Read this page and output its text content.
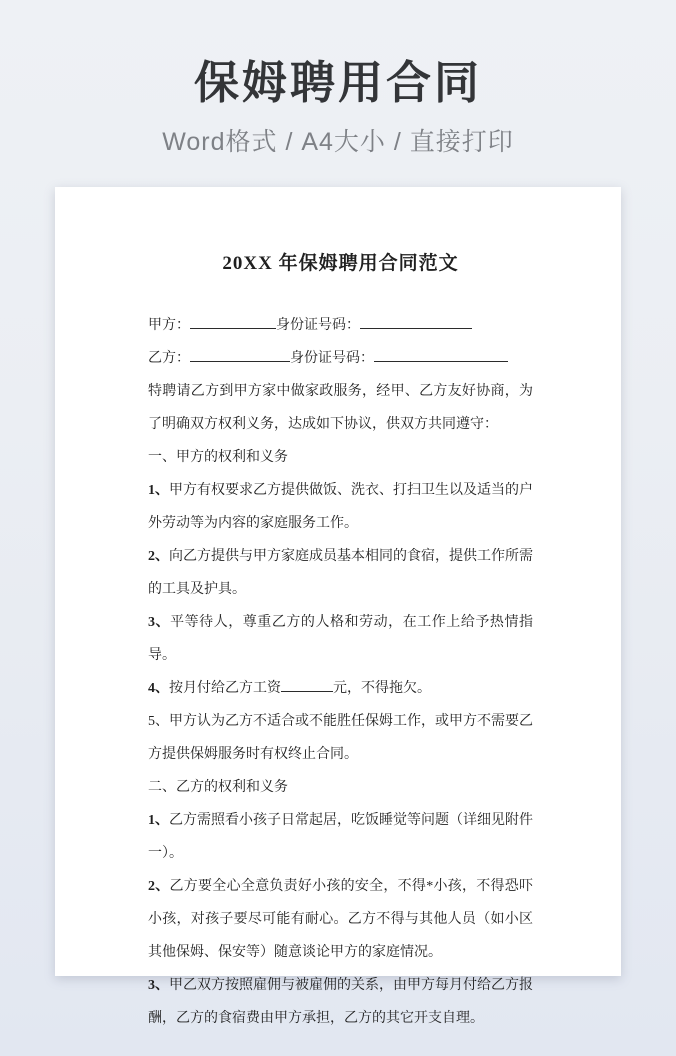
保姆聘用合同

Word格式 / A4大小 / 直接打印

20XX 年保姆聘用合同范文

甲方：	身份证号码：

乙方：	身份证号码：

特聘请乙方到甲方家中做家政服务，经甲、乙方友好协商，为了明确双方权利义务，达成如下协议，供双方共同遵守：

一、甲方的权利和义务

1、甲方有权要求乙方提供做饭、洗衣、打扫卫生以及适当的户外劳动等为内容的家庭服务工作。

2、向乙方提供与甲方家庭成员基本相同的食宿，提供工作所需的工具及护具。

3、平等待人，尊重乙方的人格和劳动，在工作上给予热情指导。

4、按月付给乙方工资	元，不得拖欠。

5、甲方认为乙方不适合或不能胜任保姆工作，或甲方不需要乙方提供保姆服务时有权终止合同。

二、乙方的权利和义务

1、乙方需照看小孩子日常起居，吃饭睡觉等问题（详细见附件一）。

2、乙方要全心全意负责好小孩的安全，不得*小孩，不得恐吓小孩，对孩子要尽可能有耐心。乙方不得与其他人员（如小区其他保姆、保安等）随意谈论甲方的家庭情况。

3、甲乙双方按照雇佣与被雇佣的关系，由甲方每月付给乙方报酬，乙方的食宿费由甲方承担，乙方的其它开支自理。
